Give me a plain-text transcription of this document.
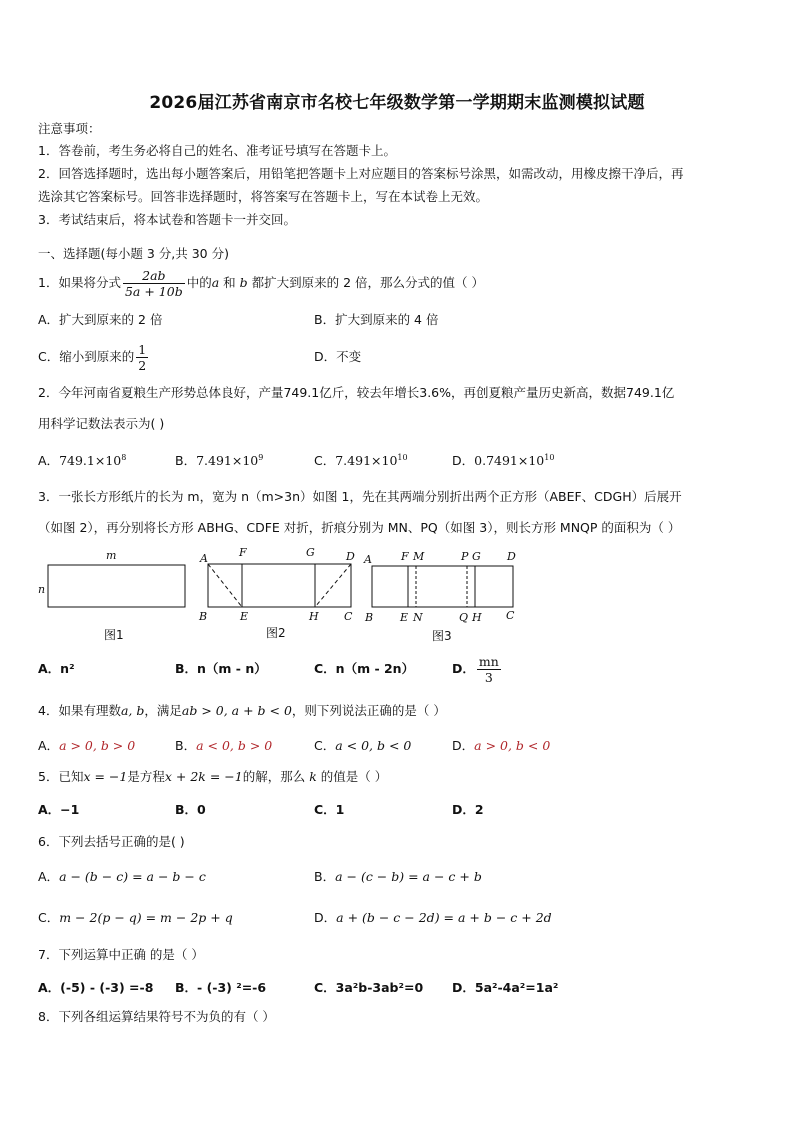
2026届江苏省南京市名校七年级数学第一学期期末监测模拟试题
注意事项：
1．答卷前，考生务必将自己的姓名、准考证号填写在答题卡上。
2．回答选择题时，选出每小题答案后，用铅笔把答题卡上对应题目的答案标号涂黑，如需改动，用橡皮擦干净后，再
选涂其它答案标号。回答非选择题时，将答案写在答题卡上，写在本试卷上无效。
3．考试结束后，将本试卷和答题卡一并交回。
一、选择题(每小题 3 分,共 30 分)
1．如果将分式 $\frac{2ab}{5a + 10b}$ 中的a 和 b 都扩大到原来的 2 倍，那么分式的值（ ）
A．扩大到原来的 2 倍	B．扩大到原来的 4 倍
C．缩小到原来的 $\frac{1}{2}$	D．不变
2．今年河南省夏粮生产形势总体良好，产量749.1亿斤，较去年增长3.6%，再创夏粮产量历史新高，数据749.1亿
用科学记数法表示为( )
A．$749.1\times 10^8$	B．$7.491\times 10^9$	C．$7.491\times 10^{10}$	D．$0.7491\times 10^{10}$
3．一张长方形纸片的长为 m，宽为 n（m>3n）如图 1，先在其两端分别折出两个正方形（ABEF、CDGH）后展开
（如图 2），再分别将长方形 ABHG、CDFE 对折，折痕分别为 MN、PQ（如图 3），则长方形 MNQP 的面积为（ ）
m
n
图1
A	F	G	D
B	E	H C
图2
A	F M	P G D
B E N	Q H C
图3
A．n²	B．n（m - n）	C．n（m - 2n）	D． $\frac{mn}{3}$
4．如果有理数a, b，满足ab > 0, a + b < 0，则下列说法正确的是（ ）
A．a > 0, b > 0	B．a < 0, b > 0	C．a < 0, b < 0	D．a > 0, b < 0
5．已知x = −1是方程x + 2k = −1的解，那么 k 的值是（ ）
A．−1	B．0	C．1	D．2
6．下列去括号正确的是( )
A．a − (b − c) = a − b − c	B．a − (c − b) = a − c + b
C．m − 2(p − q) = m − 2p + q	D．a + (b − c − 2d) = a + b − c + 2d
7．下列运算中正确 的是（ ）
A．(-5) - (-3) =-8 B．- (-3) ²=-6	C．3a²b-3ab²=0 D．5a²-4a²=1a²
8．下列各组运算结果符号不为负的有（ ）
